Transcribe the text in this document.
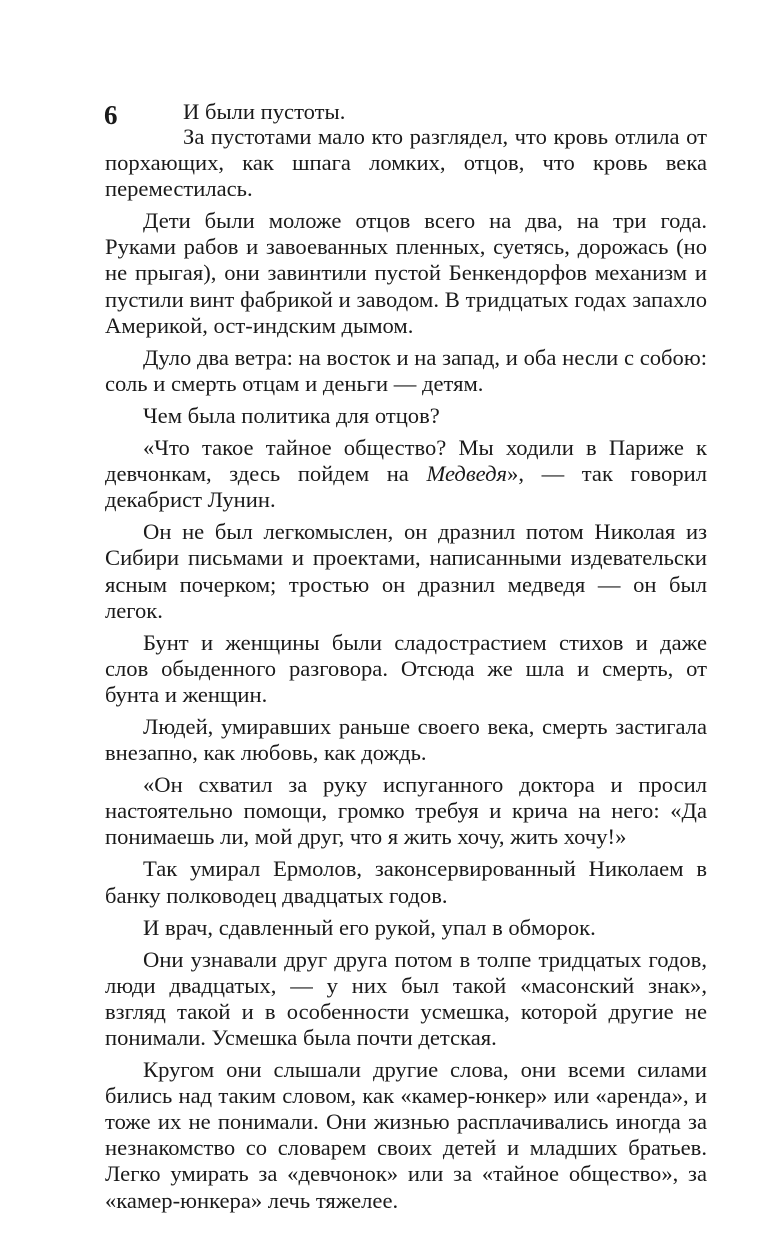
6	И были пустоты.

За пустотами мало кто разглядел, что кровь отлила от порхающих, как шпага ломких, отцов, что кровь века переместилась.

Дети были моложе отцов всего на два, на три года. Руками рабов и завоеванных пленных, суетясь, дорожась (но не прыгая), они завинтили пустой Бенкендорфов механизм и пустили винт фабрикой и заводом. В тридцатых годах запахло Америкой, ост-индским дымом.

Дуло два ветра: на восток и на запад, и оба несли с собою: соль и смерть отцам и деньги — детям.

Чем была политика для отцов?

«Что такое тайное общество? Мы ходили в Париже к девчонкам, здесь пойдем на Медведя», — так говорил декабрист Лунин.

Он не был легкомыслен, он дразнил потом Николая из Сибири письмами и проектами, написанными издевательски ясным почерком; тростью он дразнил медведя — он был легок.

Бунт и женщины были сладострастием стихов и даже слов обыденного разговора. Отсюда же шла и смерть, от бунта и женщин.

Людей, умиравших раньше своего века, смерть застигала внезапно, как любовь, как дождь.

«Он схватил за руку испуганного доктора и просил настоятельно помощи, громко требуя и крича на него: «Да понимаешь ли, мой друг, что я жить хочу, жить хочу!»

Так умирал Ермолов, законсервированный Николаем в банку полководец двадцатых годов.

И врач, сдавленный его рукой, упал в обморок.

Они узнавали друг друга потом в толпе тридцатых годов, люди двадцатых, — у них был такой «масонский знак», взгляд такой и в особенности усмешка, которой другие не понимали. Усмешка была почти детская.

Кругом они слышали другие слова, они всеми силами бились над таким словом, как «камер-юнкер» или «аренда», и тоже их не понимали. Они жизнью расплачивались иногда за незнакомство со словарем своих детей и младших братьев. Легко умирать за «девчонок» или за «тайное общество», за «камер-юнкера» лечь тяжелее.
